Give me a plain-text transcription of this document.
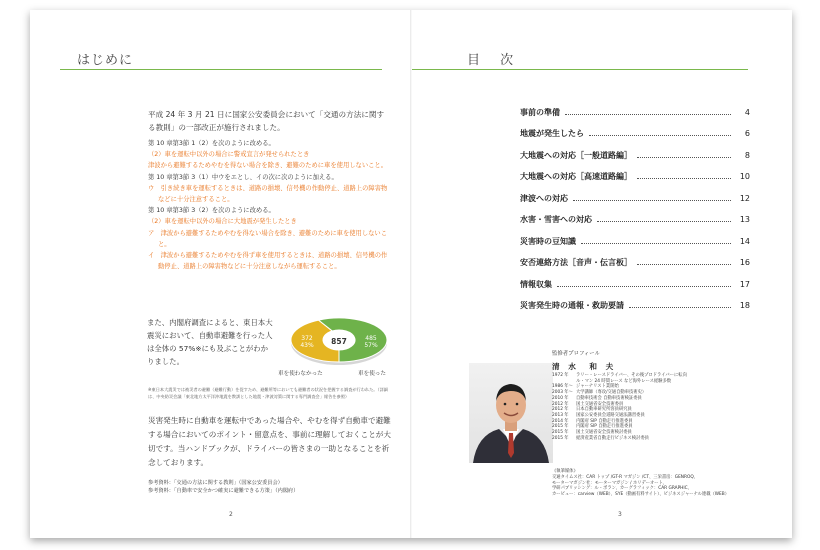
はじめに
平成 24 年 3 月 21 日に国家公安委員会において「交通の方法に関する教則」の一部改正が施行されました。
第 10 章第3節 1（2）を次のように改める。
（2）車を運転中以外の場合に警戒宣言が発せられたとき
津波から避難するためやむを得ない場合を除き、避難のために車を使用しないこと。
第 10 章第3節 3（1）中ウをエとし、イの次に次のように加える。
ウ　引き続き車を運転するときは、道路の損壊、信号機の作動停止、道路上の障害物などに十分注意すること。
第 10 章第3節 3（2）を次のように改める。
（2）車を運転中以外の場合に大地震が発生したとき
ア　津波から避難するためやむを得ない場合を除き、避難のために車を使用しないこと。
イ　津波から避難するためやむを得ず車を使用するときは、道路の損壊、信号機の作動停止、道路上の障害物などに十分注意しながら運転すること。
また、内閣府調査によると、東日本大震災において、自動車避難を行った人は全体の 57%※にも及ぶことがわかりました。
857
372
43%
485
57%
車を使わなかった	車を使った
※東日本大震災では被災者の避難（避難行動）を促すため、避難所等においても避難者の状況を把握する調査が行われた。（詳細は、中央防災会議「東北地方太平洋沖地震を教訓とした地震・津波対策に関する専門調査会」報告を参照）
災害発生時に自動車を運転中であった場合や、やむを得ず自動車で避難する場合においてのポイント・留意点を、事前に理解しておくことが大切です。当ハンドブックが、ドライバーの皆さまの一助となることを祈念しております。
参考資料：「交通の方法に関する教則」（国家公安委員会）
参考資料：「自動車で安全かつ確実に避難できる方策」（内閣府）
2
目 次
事前の準備	4
地震が発生したら	6
大地震への対応［一般道路編］	8
大地震への対応［高速道路編］	10
津波への対応	12
水害・雪害への対応	13
災害時の豆知識	14
安否連絡方法［音声・伝言板］	16
情報収集	17
災害発生時の通報・救助要請	18
監修者プロフィール
清 水　和 夫
1972 年	ラリー・レースドライバー、その後プロドライバーに転向
ル・マン 24 時間レース など海外レース経験多数
1986 年～ ジャーナリスト業開始
2003 年～ 大学講師（専攻/交通自動車技術史）
2010 年	自動車技術会 自動車技術検証委員
2012 年	国土交通省安全技術委員
2012 年	日本自動車研究所客員研究員
2013 年	国家公安委員会道路交通法講習委員
2014 年	内閣府 SIP 自動走行推進委員
2015 年	内閣府 SIP 自動走行推進委員
2015 年	国土交通省安全技術検討委員
2015 年	経済産業省自動走行ビジネス検討委員
《執筆媒体》
交通タイムス社：CAR トップ /GT-R マガジン /CT、三栄書房：GENROQ、
モーターマガジン社：モーターマガジン / ホリデーオート、
学研パブリッシング：ル・ボラン、カーグラフィック：CAR GRAPHIC、
カービュー：carview（WEB）、SYE（動画有料サイト）、ビジネスジャーナル連載（WEB）
3
